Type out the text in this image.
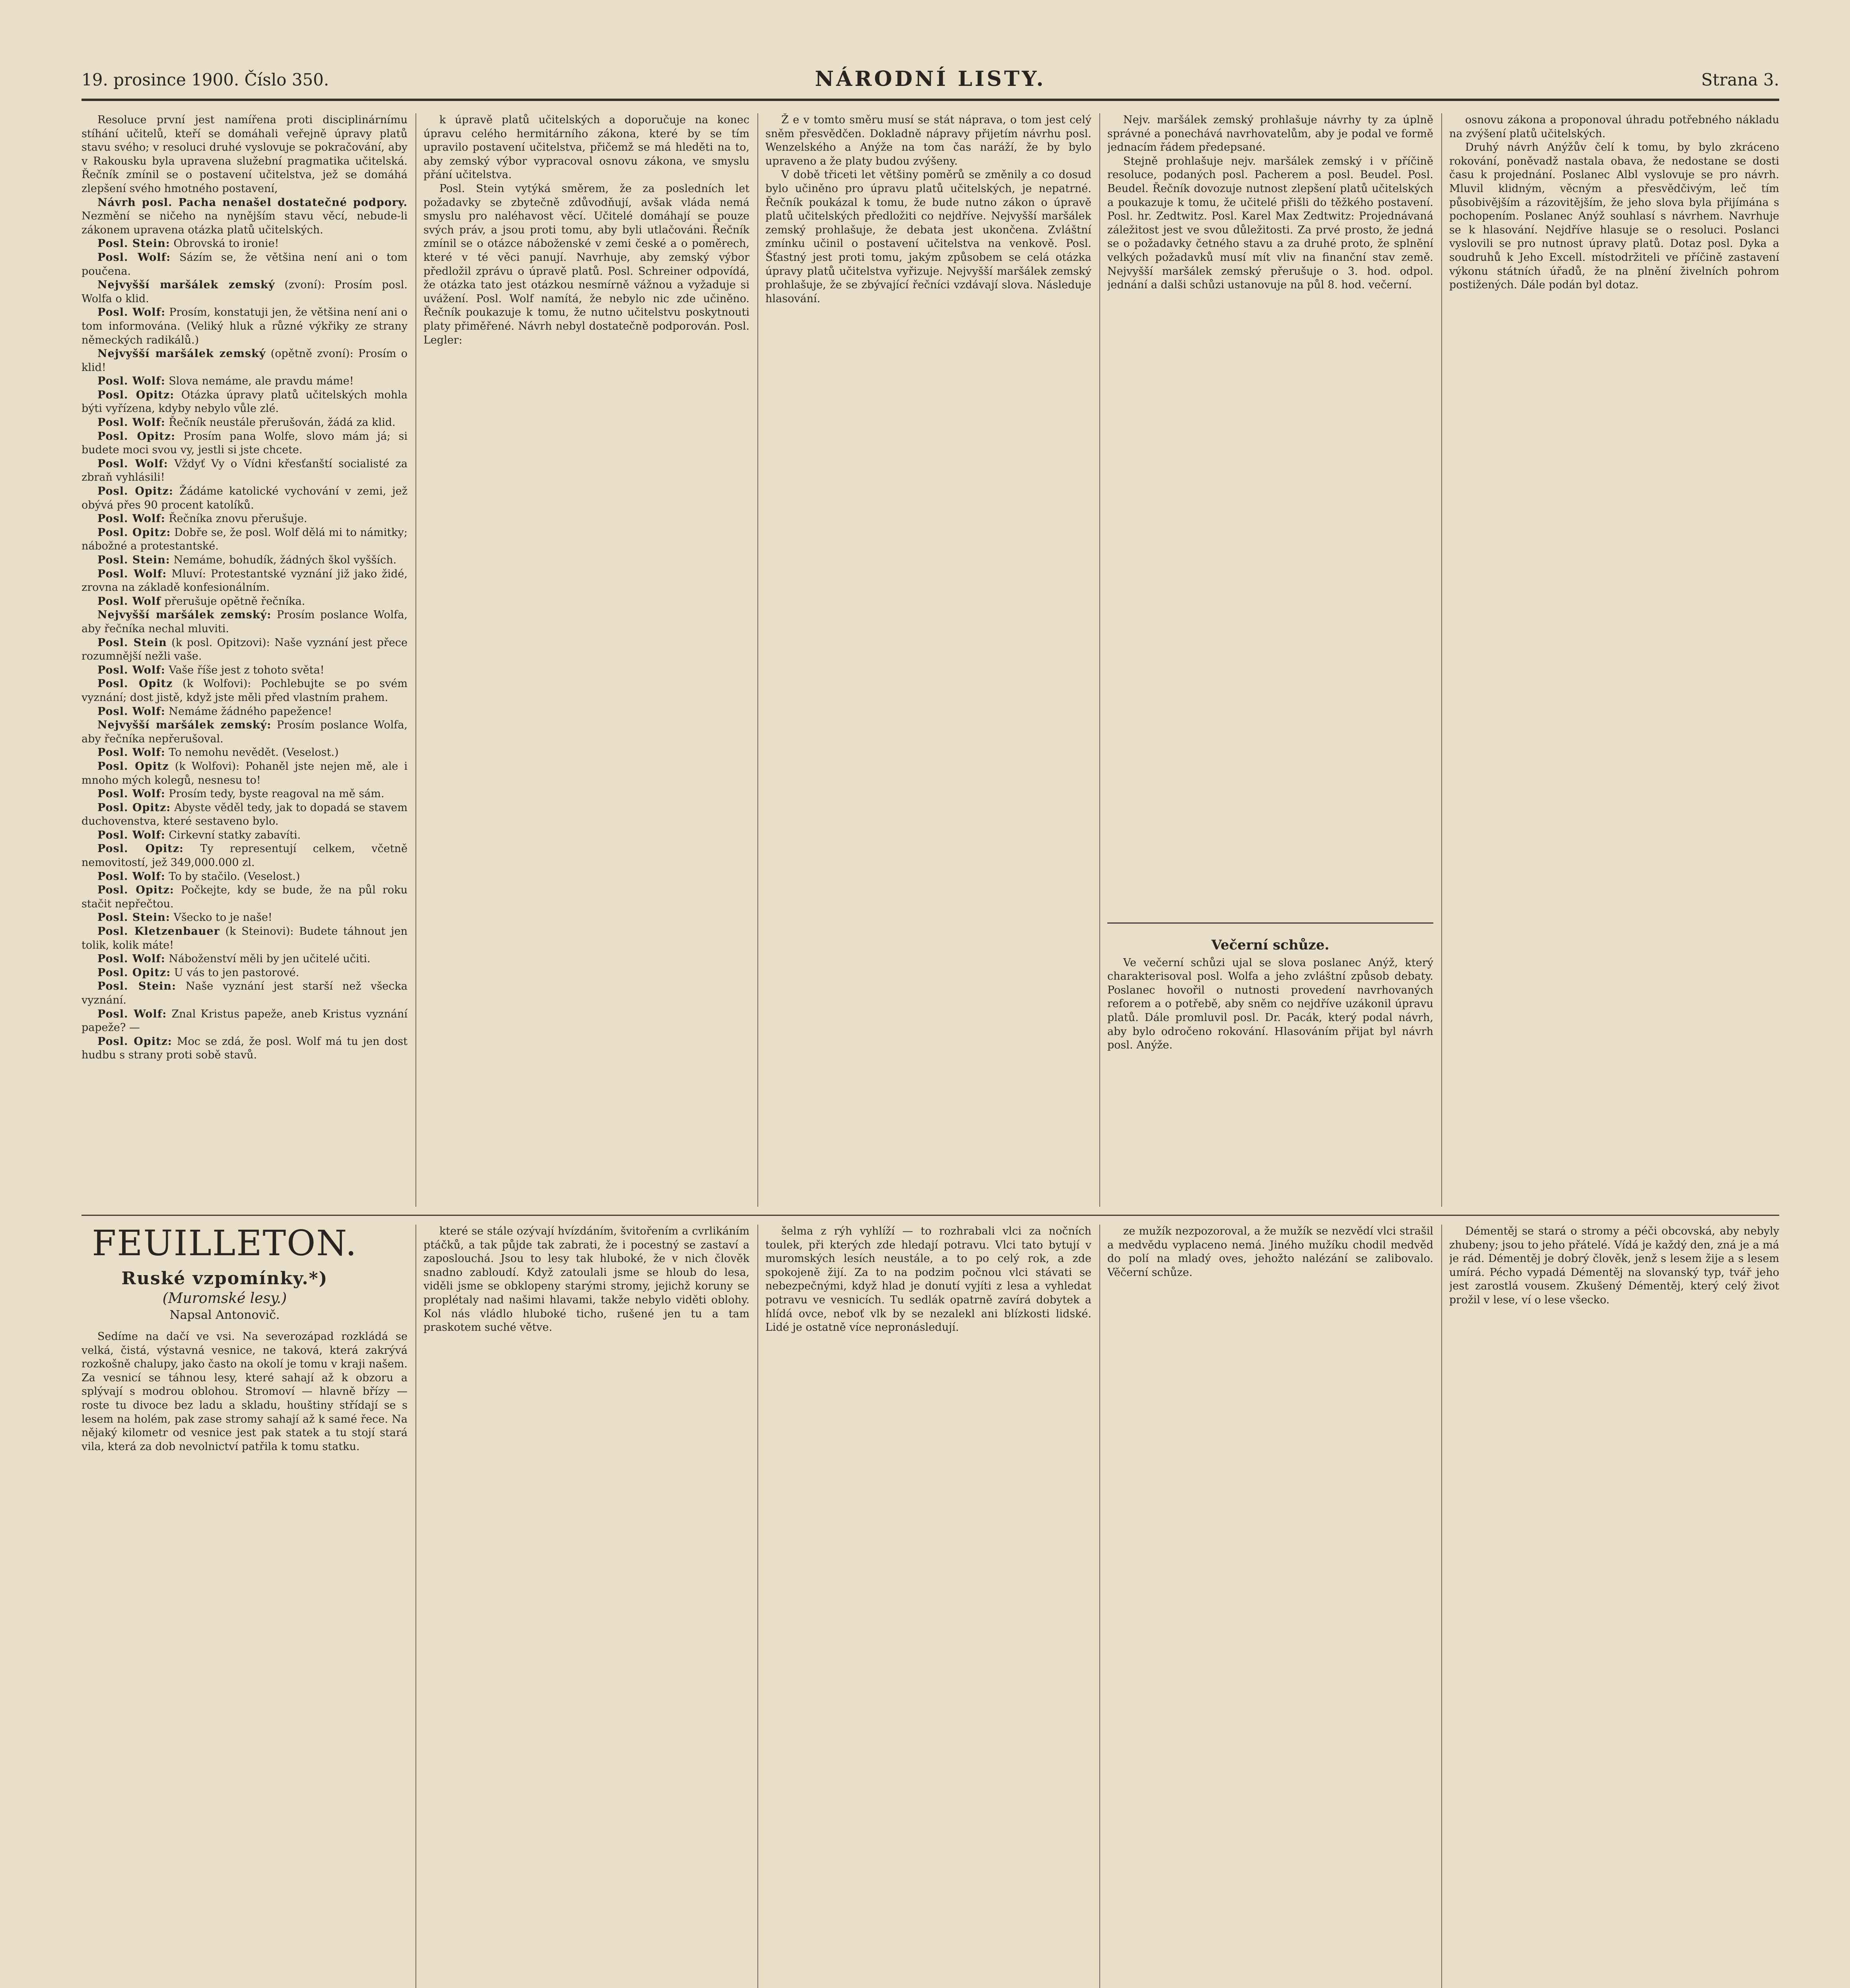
19. prosince 1900. Číslo 350.	NÁRODNÍ LISTY.	Strana 3.

Resoluce první jest namířena proti disciplinárnímu stíhání učitelů, kteří se domáhali veřejně úpravy platů stavu svého; v resoluci druhé vyslovuje se pokračování, aby v Rakousku byla upravena služební pragmatika učitelská. Řečník zmínil se o postavení učitelstva, jež se domáhá zlepšení svého hmotného postavení,

Návrh posl. Pacha nenašel dostatečné podpory. Nezmění se ničeho na nynějším stavu věcí, nebude-li zákonem upravena otázka platů učitelských.

Posl. Stein: Obrovská to ironie!

Posl. Wolf: Sázím se, že většina není ani o tom poučena.

Nejvyšší maršálek zemský (zvoní): Prosím posl. Wolfa o klid.

Posl. Wolf: Prosím, konstatuji jen, že většina není ani o tom informována. (Veliký hluk a různé výkřiky ze strany německých radikálů.)

Nejvyšší maršálek zemský (opětně zvoní): Prosím o klid!

Posl. Wolf: Slova nemáme, ale pravdu máme!

Posl. Opitz: Otázka úpravy platů učitelských mohla býti vyřízena, kdyby nebylo vůle zlé.

Posl. Wolf: Řečník neustále přerušován, žádá za klid.

Posl. Opitz: Prosím pana Wolfe, slovo mám já; si budete moci svou vy, jestli si jste chcete.

Posl. Wolf: Vždyť Vy o Vídni křesťanští socialisté za zbraň vyhlásili!

Posl. Opitz: Žádáme katolické vychování v zemi, jež obývá přes 90 procent katolíků.

Posl. Wolf: Řečníka znovu přerušuje.

Posl. Opitz: Dobře se, že posl. Wolf dělá mi to námitky; nábožné a protestantské.

Posl. Stein: Nemáme, bohudík, žádných škol vyšších.

Posl. Wolf: Mluví: Protestantské vyznání již jako židé, zrovna na základě konfesionálním.

Posl. Wolf přerušuje opětně řečníka.

Nejvyšší maršálek zemský: Prosím poslance Wolfa, aby řečníka nechal mluviti.

Posl. Stein (k posl. Opitzovi): Naše vyznání jest přece rozumnější nežli vaše.

Posl. Wolf: Vaše říše jest z tohoto světa!

Posl. Opitz (k Wolfovi): Pochlebujte se po svém vyznání; dost jistě, když jste měli před vlastním prahem.

Posl. Wolf: Nemáme žádného papežence!

Nejvyšší maršálek zemský: Prosím poslance Wolfa, aby řečníka nepřerušoval.

Posl. Wolf: To nemohu nevědět. (Veselost.)

Posl. Opitz (k Wolfovi): Pohaněl jste nejen mě, ale i mnoho mých kolegů, nesnesu to!

Posl. Wolf: Prosím tedy, byste reagoval na mě sám.

Posl. Opitz: Abyste věděl tedy, jak to dopadá se stavem duchovenstva, které sestaveno bylo.

Posl. Wolf: Cirkevní statky zabavíti.

Posl. Opitz: Ty representují celkem, včetně nemovitostí, jež 349,000.000 zl.

Posl. Wolf: To by stačilo. (Veselost.)

Posl. Opitz: Počkejte, kdy se bude, že na půl roku stačit nepřečtou.

Posl. Stein: Všecko to je naše!

Posl. Kletzenbauer (k Steinovi): Budete táhnout jen tolik, kolik máte!

Posl. Wolf: Náboženství měli by jen učitelé učiti.

Posl. Opitz: U vás to jen pastorové.

Posl. Stein: Naše vyznání jest starší než všecka vyznání.

Posl. Wolf: Znal Kristus papeže, aneb Kristus vyznání papeže? —

Posl. Opitz: Moc se zdá, že posl. Wolf má tu jen dost hudbu s strany proti sobě stavů.

k úpravě platů učitelských a doporučuje na konec úpravu celého hermitárního zákona, které by se tím upravilo postavení učitelstva, přičemž se má hleděti na to, aby zemský výbor vypracoval osnovu zákona, ve smyslu přání učitelstva.

Posl. Stein vytýká směrem, že za posledních let požadavky se zbytečně zdůvodňují, avšak vláda nemá smyslu pro naléhavost věcí. Učitelé domáhají se pouze svých práv, a jsou proti tomu, aby byli utlačováni. Řečník zmínil se o otázce náboženské v zemi české a o poměrech, které v té věci panují. Navrhuje, aby zemský výbor předložil zprávu o úpravě platů. Posl. Schreiner odpovídá, že otázka tato jest otázkou nesmírně vážnou a vyžaduje si uvážení. Posl. Wolf namítá, že nebylo nic zde učiněno. Řečník poukazuje k tomu, že nutno učitelstvu poskytnouti platy přiměřené. Návrh nebyl dostatečně podporován. Posl. Legler:

Ž e v tomto směru musí se stát náprava, o tom jest celý sněm přesvědčen. Dokladně nápravy přijetím návrhu posl. Wenzelského a Anýže na tom čas naráží, že by bylo upraveno a že platy budou zvýšeny.

V době třiceti let většiny poměrů se změnily a co dosud bylo učiněno pro úpravu platů učitelských, je nepatrné. Řečník poukázal k tomu, že bude nutno zákon o úpravě platů učitelských předložiti co nejdříve. Nejvyšší maršálek zemský prohlašuje, že debata jest ukončena. Zvláštní zmínku učinil o postavení učitelstva na venkově. Posl. Šťastný jest proti tomu, jakým způsobem se celá otázka úpravy platů učitelstva vyřizuje. Nejvyšší maršálek zemský prohlašuje, že se zbývající řečníci vzdávají slova. Následuje hlasování.

Nejv. maršálek zemský prohlašuje návrhy ty za úplně správné a ponechává navrhovatelům, aby je podal ve formě jednacím řádem předepsané.

Stejně prohlašuje nejv. maršálek zemský i v příčině resoluce, podaných posl. Pacherem a posl. Beudel. Posl. Beudel. Řečník dovozuje nutnost zlepšení platů učitelských a poukazuje k tomu, že učitelé přišli do těžkého postavení. Posl. hr. Zedtwitz. Posl. Karel Max Zedtwitz: Projednávaná záležitost jest ve svou důležitosti. Za prvé prosto, že jedná se o požadavky četného stavu a za druhé proto, že splnění velkých požadavků musí mít vliv na finanční stav země. Nejvyšší maršálek zemský přerušuje o 3. hod. odpol. jednání a dalši schůzi ustanovuje na půl 8. hod. večerní.

Večerní schůze.

Ve večerní schůzi ujal se slova poslanec Anýž, který charakterisoval posl. Wolfa a jeho zvláštní způsob debaty. Poslanec hovořil o nutnosti provedení navrhovaných reforem a o potřebě, aby sněm co nejdříve uzákonil úpravu platů. Dále promluvil posl. Dr. Pacák, který podal návrh, aby bylo odročeno rokování. Hlasováním přijat byl návrh posl. Anýže.

osnovu zákona a proponoval úhradu potřebného nákladu na zvýšení platů učitelských.

Druhý návrh Anýžův čelí k tomu, by bylo zkráceno rokování, poněvadž nastala obava, že nedostane se dosti času k projednání. Poslanec Albl vyslovuje se pro návrh. Mluvil klidným, věcným a přesvědčivým, leč tím působivějším a rázovitějším, že jeho slova byla přijímána s pochopením. Poslanec Anýž souhlasí s návrhem. Navrhuje se k hlasování. Nejdříve hlasuje se o resoluci. Poslanci vyslovili se pro nutnost úpravy platů. Dotaz posl. Dyka a soudruhů k Jeho Excell. místodržiteli ve příčině zastavení výkonu státních úřadů, že na plnění živelních pohrom postižených. Dále podán byl dotaz.

FEUILLETON.
Ruské vzpomínky.*)
(Muromské lesy.)
Napsal Antonovič.

Sedíme na dačí ve vsi. Na severozápad rozkládá se velká, čistá, výstavná vesnice, ne taková, která zakrývá rozkošně chalupy, jako často na okolí je tomu v kraji našem. Za vesnicí se táhnou lesy, které sahají až k obzoru a splývají s modrou oblohou. Stromoví — hlavně břízy — roste tu divoce bez ladu a skladu, houštiny střídají se s lesem na holém, pak zase stromy sahají až k samé řece. Na nějaký kilometr od vesnice jest pak statek a tu stojí stará vila, která za dob nevolnictví patřila k tomu statku.

které se stále ozývají hvízdáním, švitořením a cvrlikáním ptáčků, a tak půjde tak zabrati, že i pocestný se zastaví a zaposlouchá. Jsou to lesy tak hluboké, že v nich člověk snadno zabloudí. Když zatoulali jsme se hloub do lesa, viděli jsme se obklopeny starými stromy, jejichž koruny se proplétaly nad našimi hlavami, takže nebylo viděti oblohy. Kol nás vládlo hluboké ticho, rušené jen tu a tam praskotem suché větve.

šelma z rýh vyhlíží — to rozhrabali vlci za nočních toulek, při kterých zde hledají potravu. Vlci tato bytují v muromských lesích neustále, a to po celý rok, a zde spokojeně žijí. Za to na podzim počnou vlci stávati se nebezpečnými, když hlad je donutí vyjíti z lesa a vyhledat potravu ve vesnicích. Tu sedlák opatrně zavírá dobytek a hlídá ovce, neboť vlk by se nezalekl ani blízkosti lidské. Lidé je ostatně více nepronásledují.

ze mužík nezpozoroval, a že mužík se nezvědí vlci strašil a medvědu vyplaceno nemá. Jiného mužíku chodil medvěd do polí na mladý oves, jehožto nalézání se zalibovalo. Věčerní schůze.

Démentěj se stará o stromy a péči obcovská, aby nebyly zhubeny; jsou to jeho přátelé. Vídá je každý den, zná je a má je rád. Démentěj je dobrý člověk, jenž s lesem žije a s lesem umírá. Pécho vypadá Démentěj na slovanský typ, tvář jeho jest zarostlá vousem. Zkušený Démentěj, který celý život prožil v lese, ví o lese všecko.
